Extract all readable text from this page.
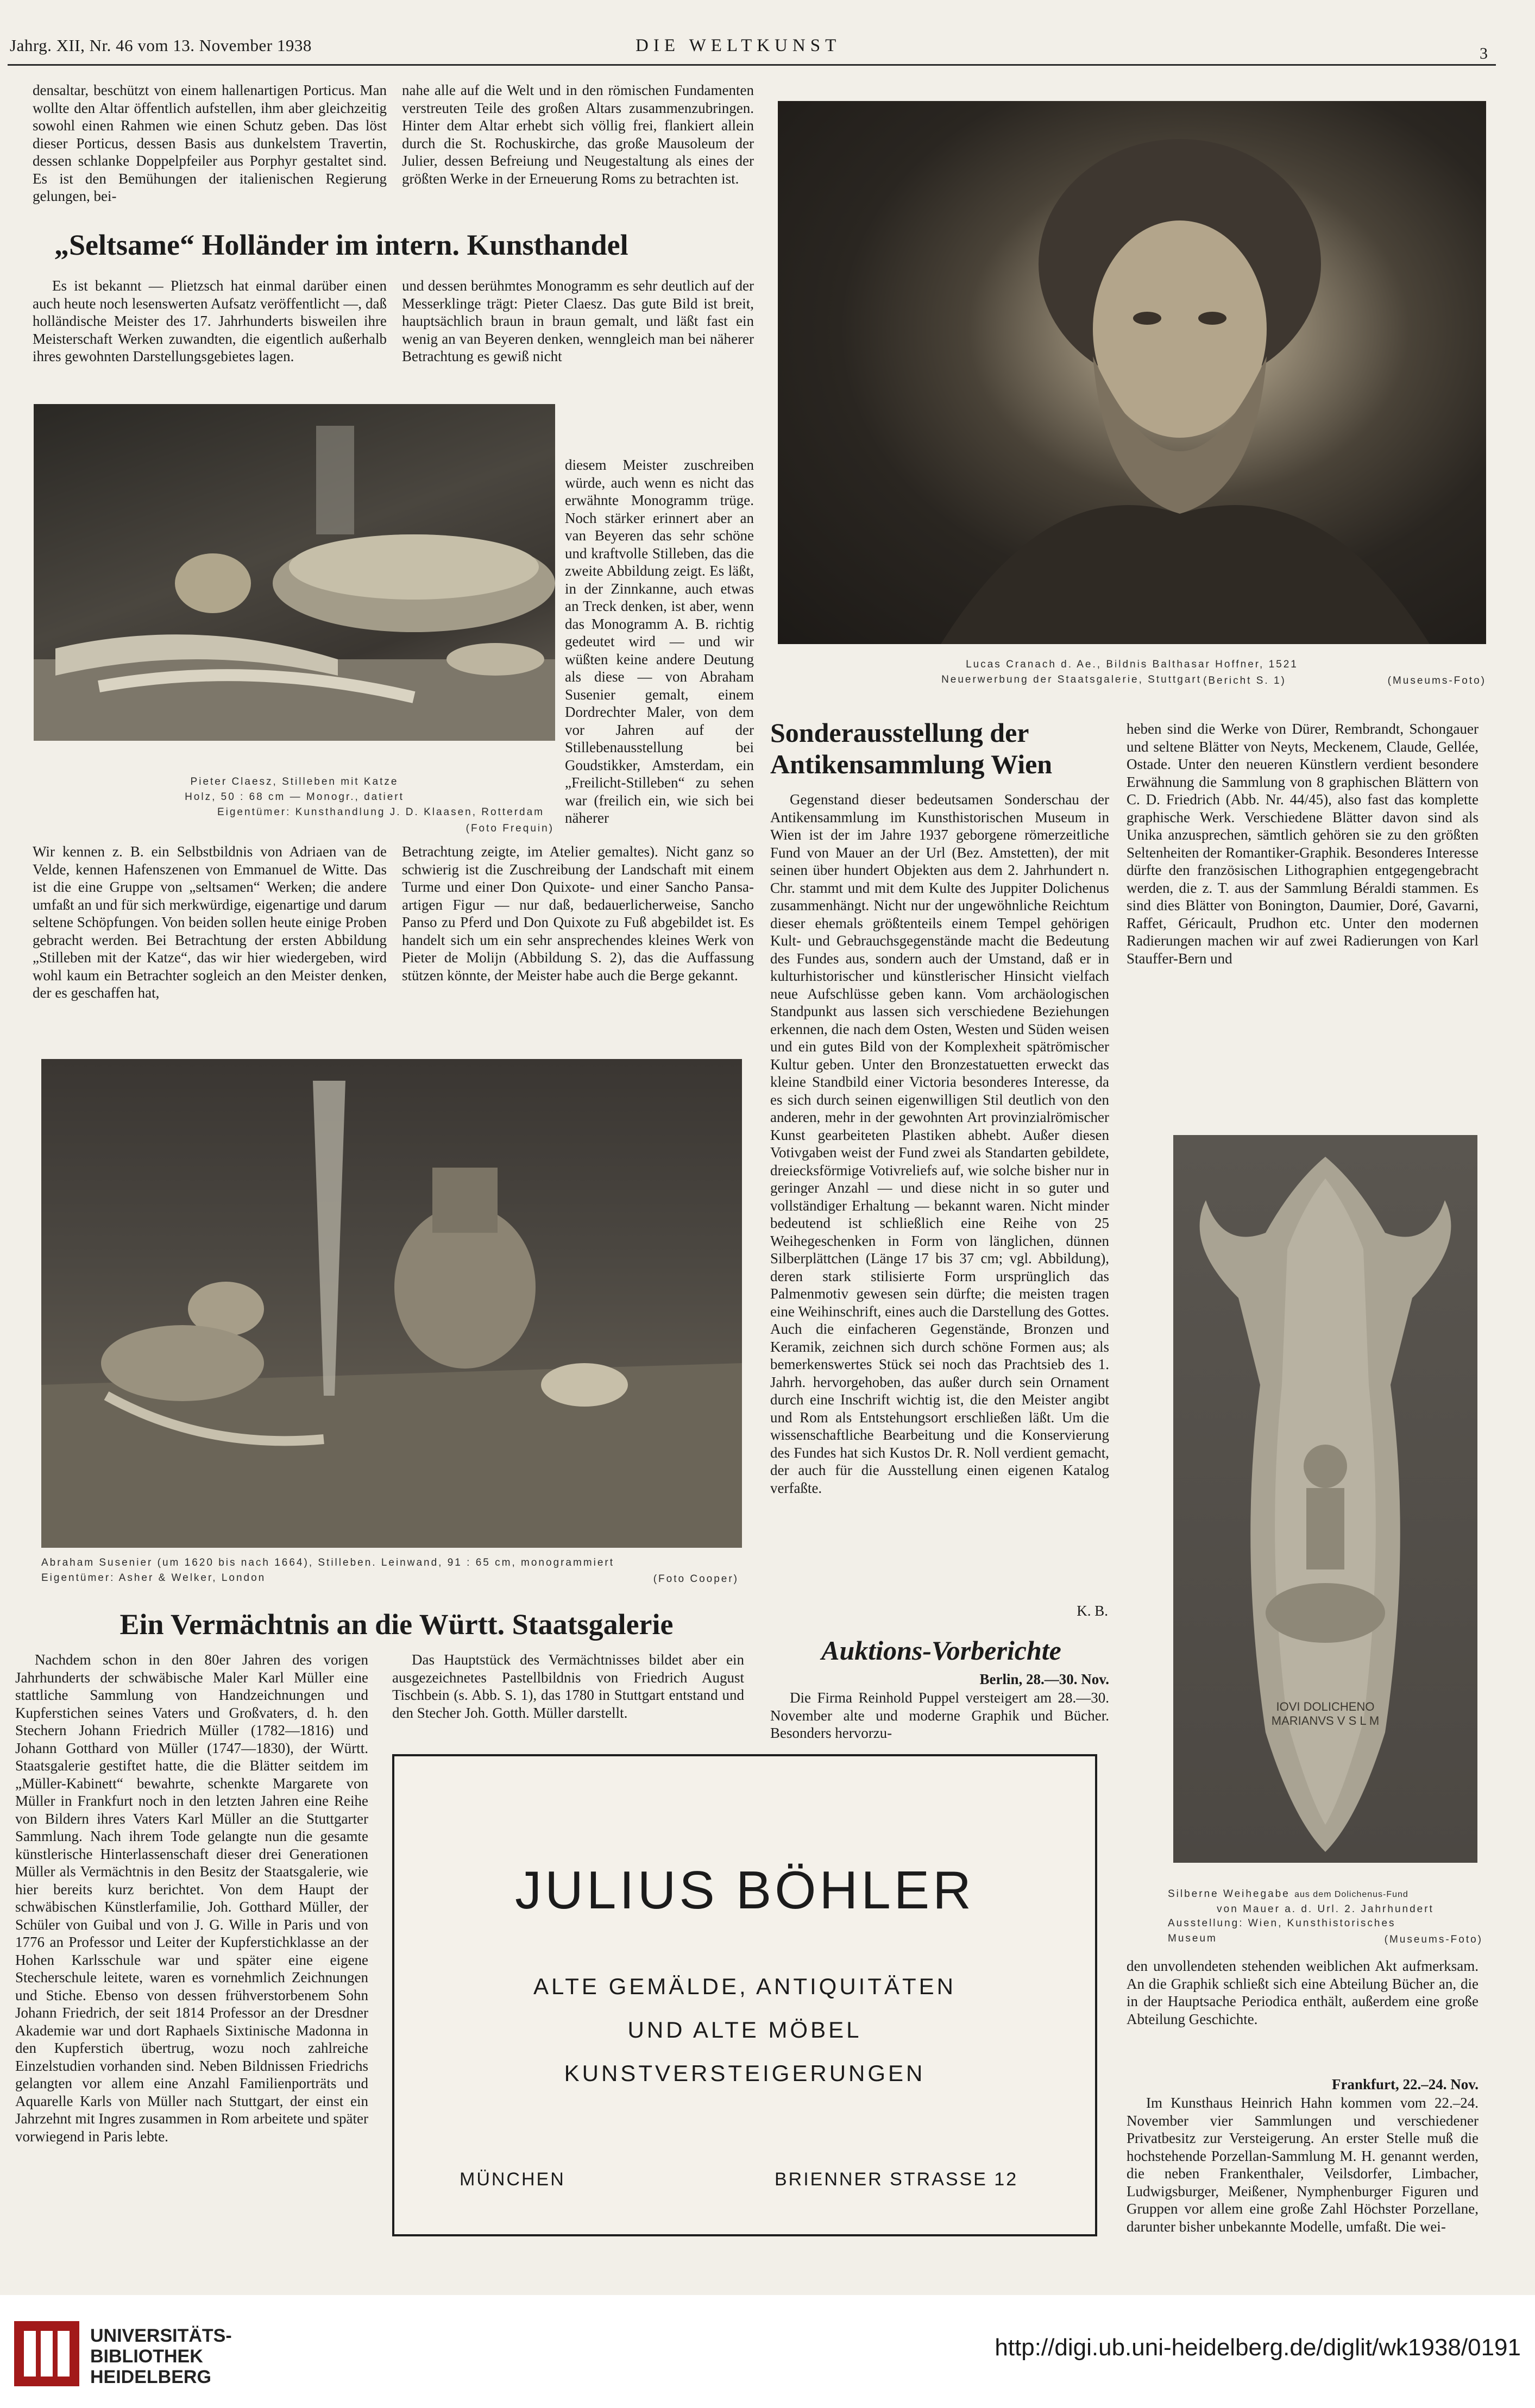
Jahrg. XII, Nr. 46 vom 13. November 1938	DIE WELTKUNST	3

densaltar, beschützt von einem hallenartigen Porticus. Man wollte den Altar öffentlich aufstellen, ihm aber gleichzeitig sowohl einen Rahmen wie einen Schutz geben. Das löst dieser Porticus, dessen Basis aus dunkelstem Travertin, dessen schlanke Doppelpfeiler aus Porphyr gestaltet sind. Es ist den Bemühungen der italienischen Regierung gelungen, bei-

nahe alle auf die Welt und in den römischen Fundamenten verstreuten Teile des großen Altars zusammenzubringen. Hinter dem Altar erhebt sich völlig frei, flankiert allein durch die St. Rochuskirche, das große Mausoleum der Julier, dessen Befreiung und Neugestaltung als eines der größten Werke in der Erneuerung Roms zu betrachten ist.

„Seltsame“ Holländer im intern. Kunsthandel

Es ist bekannt — Plietzsch hat einmal darüber einen auch heute noch lesenswerten Aufsatz veröffentlicht —, daß holländische Meister des 17. Jahrhunderts bisweilen ihre Meisterschaft Werken zuwandten, die eigentlich außerhalb ihres gewohnten Darstellungsgebietes lagen.

und dessen berühmtes Monogramm es sehr deutlich auf der Messerklinge trägt: Pieter Claesz. Das gute Bild ist breit, hauptsächlich braun in braun gemalt, und läßt fast ein wenig an van Beyeren denken, wenngleich man bei näherer Betrachtung es gewiß nicht

Pieter Claesz, Stilleben mit Katze
Holz, 50 : 68 cm — Monogr., datiert
Eigentümer: Kunsthandlung J. D. Klaasen, Rotterdam
(Foto Frequin)

diesem Meister zuschreiben würde, auch wenn es nicht das erwähnte Monogramm trüge. Noch stärker erinnert aber an van Beyeren das sehr schöne und kraftvolle Stilleben, das die zweite Abbildung zeigt. Es läßt, in der Zinnkanne, auch etwas an Treck denken, ist aber, wenn das Monogramm A. B. richtig gedeutet wird — und wir wüßten keine andere Deutung als diese — von Abraham Susenier gemalt, einem Dordrechter Maler, von dem vor Jahren auf der Stillebenausstellung bei Goudstikker, Amsterdam, ein „Freilicht-Stilleben“ zu sehen war (freilich ein, wie sich bei näherer

Wir kennen z. B. ein Selbstbildnis von Adriaen van de Velde, kennen Hafenszenen von Emmanuel de Witte. Das ist die eine Gruppe von „seltsamen“ Werken; die andere umfaßt an und für sich merkwürdige, eigenartige und darum seltene Schöpfungen. Von beiden sollen heute einige Proben gebracht werden. Bei Betrachtung der ersten Abbildung „Stilleben mit der Katze“, das wir hier wiedergeben, wird wohl kaum ein Betrachter sogleich an den Meister denken, der es geschaffen hat,

Betrachtung zeigte, im Atelier gemaltes). Nicht ganz so schwierig ist die Zuschreibung der Landschaft mit einem Turme und einer Don Quixote- und einer Sancho Pansa-artigen Figur — nur daß, bedauerlicherweise, Sancho Panso zu Pferd und Don Quixote zu Fuß abgebildet ist. Es handelt sich um ein sehr ansprechendes kleines Werk von Pieter de Molijn (Abbildung S. 2), das die Auffassung stützen könnte, der Meister habe auch die Berge gekannt.

Abraham Susenier (um 1620 bis nach 1664), Stilleben. Leinwand, 91 : 65 cm, monogrammiert
Eigentümer: Asher & Welker, London	(Foto Cooper)
Lucas Cranach d. Ae., Bildnis Balthasar Hoffner, 1521
Neuerwerbung der Staatsgalerie, Stuttgart (Bericht S. 1)	(Museums-Foto)
Sonderausstellung der
Antikensammlung Wien

Gegenstand dieser bedeutsamen Sonderschau der Antikensammlung im Kunsthistorischen Museum in Wien ist der im Jahre 1937 geborgene römerzeitliche Fund von Mauer an der Url (Bez. Amstetten), der mit seinen über hundert Objekten aus dem 2. Jahrhundert n. Chr. stammt und mit dem Kulte des Juppiter Dolichenus zusammenhängt. Nicht nur der ungewöhnliche Reichtum dieser ehemals größtenteils einem Tempel gehörigen Kult- und Gebrauchsgegenstände macht die Bedeutung des Fundes aus, sondern auch der Umstand, daß er in kulturhistorischer und künstlerischer Hinsicht vielfach neue Aufschlüsse geben kann. Vom archäologischen Standpunkt aus lassen sich verschiedene Beziehungen erkennen, die nach dem Osten, Westen und Süden weisen und ein gutes Bild von der Komplexheit spätrömischer Kultur geben. Unter den Bronzestatuetten erweckt das kleine Standbild einer Victoria besonderes Interesse, da es sich durch seinen eigenwilligen Stil deutlich von den anderen, mehr in der gewohnten Art provinzialrömischer Kunst gearbeiteten Plastiken abhebt. Außer diesen Votivgaben weist der Fund zwei als Standarten gebildete, dreiecksförmige Votivreliefs auf, wie solche bisher nur in geringer Anzahl — und diese nicht in so guter und vollständiger Erhaltung — bekannt waren. Nicht minder bedeutend ist schließlich eine Reihe von 25 Weihegeschenken in Form von länglichen, dünnen Silberplättchen (Länge 17 bis 37 cm; vgl. Abbildung), deren stark stilisierte Form ursprünglich das Palmenmotiv gewesen sein dürfte; die meisten tragen eine Weihinschrift, eines auch die Darstellung des Gottes. Auch die einfacheren Gegenstände, Bronzen und Keramik, zeichnen sich durch schöne Formen aus; als bemerkenswertes Stück sei noch das Prachtsieb des 1. Jahrh. hervorgehoben, das außer durch sein Ornament durch eine Inschrift wichtig ist, die den Meister angibt und Rom als Entstehungsort erschließen läßt. Um die wissenschaftliche Bearbeitung und die Konservierung des Fundes hat sich Kustos Dr. R. Noll verdient gemacht, der auch für die Ausstellung einen eigenen Katalog verfaßte.

K. B.
Auktions-Vorberichte
Berlin, 28.—30. Nov.

Die Firma Reinhold Puppel versteigert am 28.—30. November alte und moderne Graphik und Bücher. Besonders hervorzu-

heben sind die Werke von Dürer, Rembrandt, Schongauer und seltene Blätter von Neyts, Meckenem, Claude, Gellée, Ostade. Unter den neueren Künstlern verdient besondere Erwähnung die Sammlung von 8 graphischen Blättern von C. D. Friedrich (Abb. Nr. 44/45), also fast das komplette graphische Werk. Verschiedene Blätter davon sind als Unika anzusprechen, sämtlich gehören sie zu den größten Seltenheiten der Romantiker-Graphik. Besonderes Interesse dürfte den französischen Lithographien entgegengebracht werden, die z. T. aus der Sammlung Béraldi stammen. Es sind dies Blätter von Bonington, Daumier, Doré, Gavarni, Raffet, Géricault, Prudhon etc. Unter den modernen Radierungen machen wir auf zwei Radierungen von Karl Stauffer-Bern und

IOVI DOLICHENO MARIANVS V S L M
Silberne Weihegabe aus dem Dolichenus-Fund
von Mauer a. d. Url. 2. Jahrhundert
Ausstellung: Wien, Kunsthistorisches
Museum	(Museums-Foto)

den unvollendeten stehenden weiblichen Akt aufmerksam. An die Graphik schließt sich eine Abteilung Bücher an, die in der Hauptsache Periodica enthält, außerdem eine große Abteilung Geschichte.

Frankfurt, 22.–24. Nov.

Im Kunsthaus Heinrich Hahn kommen vom 22.–24. November vier Sammlungen und verschiedener Privatbesitz zur Versteigerung. An erster Stelle muß die hochstehende Porzellan-Sammlung M. H. genannt werden, die neben Frankenthaler, Veilsdorfer, Limbacher, Ludwigsburger, Meißener, Nymphenburger Figuren und Gruppen vor allem eine große Zahl Höchster Porzellane, darunter bisher unbekannte Modelle, umfaßt. Die wei-

Ein Vermächtnis an die Württ. Staatsgalerie

Nachdem schon in den 80er Jahren des vorigen Jahrhunderts der schwäbische Maler Karl Müller eine stattliche Sammlung von Handzeichnungen und Kupferstichen seines Vaters und Großvaters, d. h. den Stechern Johann Friedrich Müller (1782—1816) und Johann Gotthard von Müller (1747—1830), der Württ. Staatsgalerie gestiftet hatte, die die Blätter seitdem im „Müller-Kabinett“ bewahrte, schenkte Margarete von Müller in Frankfurt noch in den letzten Jahren eine Reihe von Bildern ihres Vaters Karl Müller an die Stuttgarter Sammlung. Nach ihrem Tode gelangte nun die gesamte künstlerische Hinterlassenschaft dieser drei Generationen Müller als Vermächtnis in den Besitz der Staatsgalerie, wie hier bereits kurz berichtet. Von dem Haupt der schwäbischen Künstlerfamilie, Joh. Gotthard Müller, der Schüler von Guibal und von J. G. Wille in Paris und von 1776 an Professor und Leiter der Kupferstichklasse an der Hohen Karlsschule war und später eine eigene Stecherschule leitete, waren es vornehmlich Zeichnungen und Stiche. Ebenso von dessen frühverstorbenem Sohn Johann Friedrich, der seit 1814 Professor an der Dresdner Akademie war und dort Raphaels Sixtinische Madonna in den Kupferstich übertrug, wozu noch zahlreiche Einzelstudien vorhanden sind. Neben Bildnissen Friedrichs gelangten vor allem eine Anzahl Familienporträts und Aquarelle Karls von Müller nach Stuttgart, der einst ein Jahrzehnt mit Ingres zusammen in Rom arbeitete und später vorwiegend in Paris lebte.

Das Hauptstück des Vermächtnisses bildet aber ein ausgezeichnetes Pastellbildnis von Friedrich August Tischbein (s. Abb. S. 1), das 1780 in Stuttgart entstand und den Stecher Joh. Gotth. Müller darstellt.

JULIUS BÖHLER
ALTE GEMÄLDE, ANTIQUITÄTEN
UND ALTE MÖBEL
KUNSTVERSTEIGERUNGEN
MÜNCHEN	BRIENNER STRASSE 12
UNIVERSITÄTS-
BIBLIOTHEK
HEIDELBERG
http://digi.ub.uni-heidelberg.de/diglit/wk1938/0191
